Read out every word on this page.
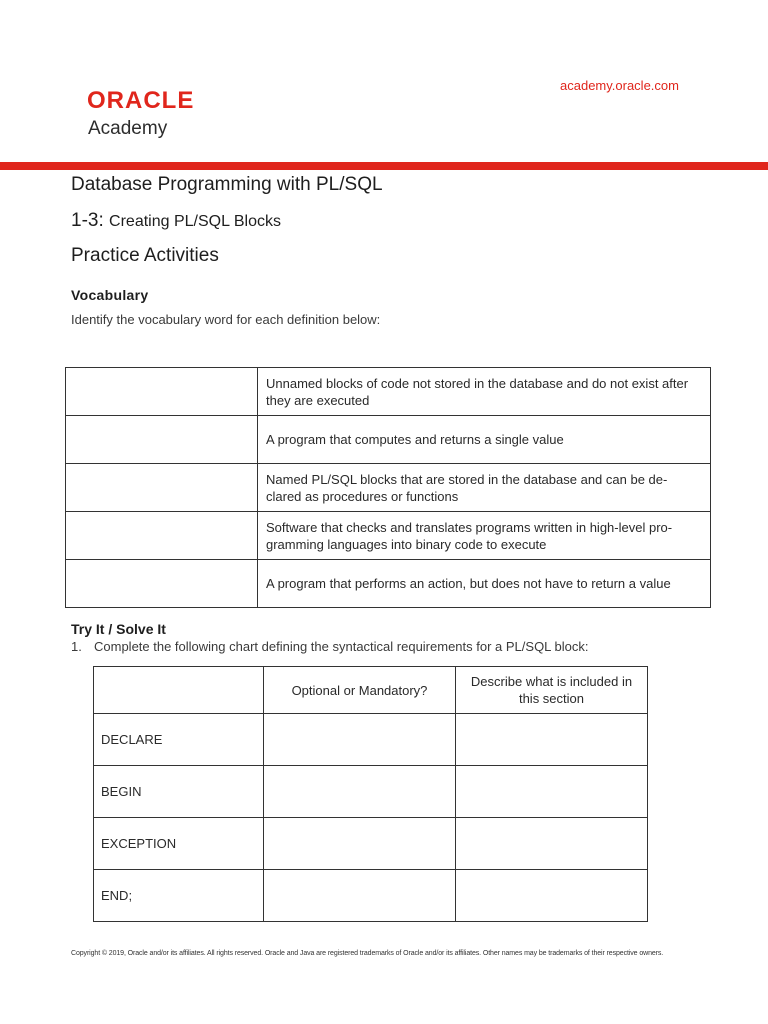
ORACLE
Academy
academy.oracle.com
Database Programming with PL/SQL
1-3: Creating PL/SQL Blocks
Practice Activities
Vocabulary
Identify the vocabulary word for each definition below:
	Unnamed blocks of code not stored in the database and do not exist after they are executed
	A program that computes and returns a single value
	Named PL/SQL blocks that are stored in the database and can be de-clared as procedures or functions
	Software that checks and translates programs written in high-level pro-gramming languages into binary code to execute
	A program that performs an action, but does not have to return a value
Try It / Solve It
1. Complete the following chart defining the syntactical requirements for a PL/SQL block:
	Optional or Mandatory?	Describe what is included in this section
DECLARE		
BEGIN		
EXCEPTION		
END;		
Copyright © 2019, Oracle and/or its affiliates. All rights reserved. Oracle and Java are registered trademarks of Oracle and/or its affiliates. Other names may be trademarks of their respective owners.
